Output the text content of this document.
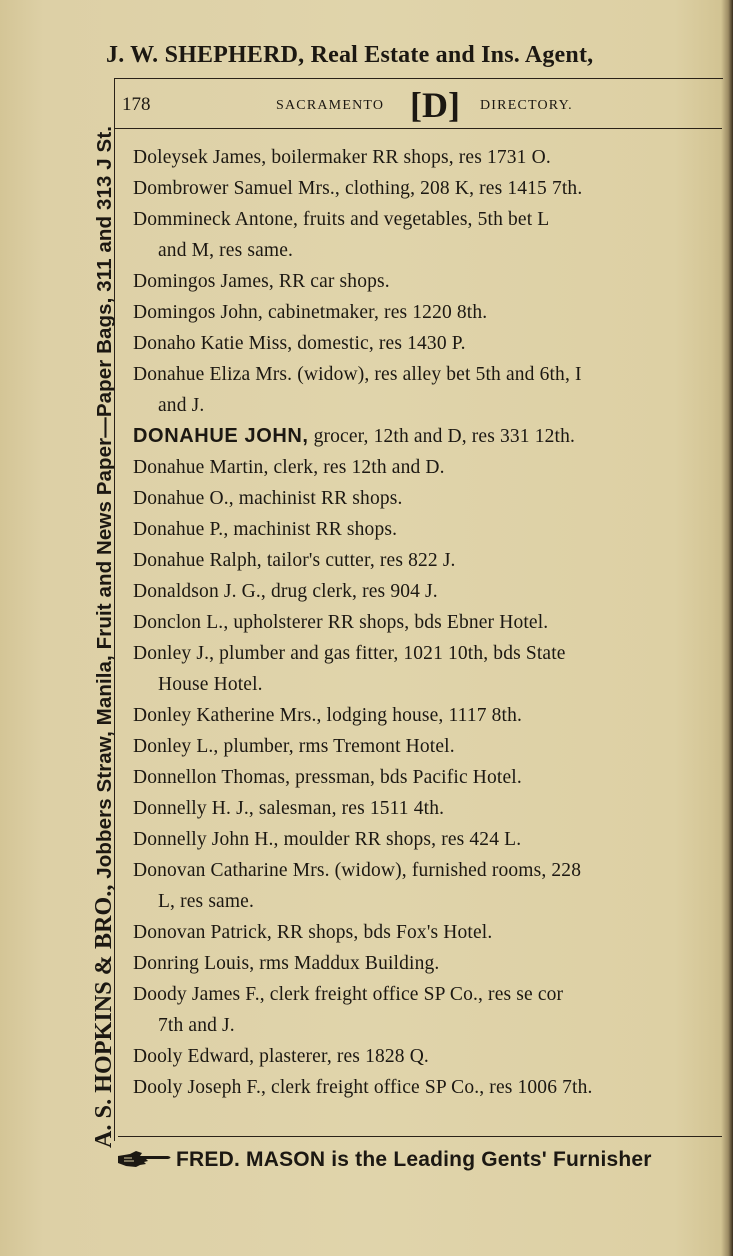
J. W. SHEPHERD, Real Estate and Ins. Agent,
A. S. HOPKINS & BRO., Jobbers Straw, Manila, Fruit and News Paper—Paper Bags, 311 and 313 J St.
178	SACRAMENTO [D] DIRECTORY.
Doleysek James, boilermaker RR shops, res 1731 O.
Dombrower Samuel Mrs., clothing, 208 K, res 1415 7th.
Dommineck Antone, fruits and vegetables, 5th bet L
and M, res same.
Domingos James, RR car shops.
Domingos John, cabinetmaker, res 1220 8th.
Donaho Katie Miss, domestic, res 1430 P.
Donahue Eliza Mrs. (widow), res alley bet 5th and 6th, I
and J.
DONAHUE JOHN, grocer, 12th and D, res 331 12th.
Donahue Martin, clerk, res 12th and D.
Donahue O., machinist RR shops.
Donahue P., machinist RR shops.
Donahue Ralph, tailor's cutter, res 822 J.
Donaldson J. G., drug clerk, res 904 J.
Donclon L., upholsterer RR shops, bds Ebner Hotel.
Donley J., plumber and gas fitter, 1021 10th, bds State
House Hotel.
Donley Katherine Mrs., lodging house, 1117 8th.
Donley L., plumber, rms Tremont Hotel.
Donnellon Thomas, pressman, bds Pacific Hotel.
Donnelly H. J., salesman, res 1511 4th.
Donnelly John H., moulder RR shops, res 424 L.
Donovan Catharine Mrs. (widow), furnished rooms, 228
L, res same.
Donovan Patrick, RR shops, bds Fox's Hotel.
Donring Louis, rms Maddux Building.
Doody James F., clerk freight office SP Co., res se cor
7th and J.
Dooly Edward, plasterer, res 1828 Q.
Dooly Joseph F., clerk freight office SP Co., res 1006 7th.
FRED. MASON is the Leading Gents' Furnisher
